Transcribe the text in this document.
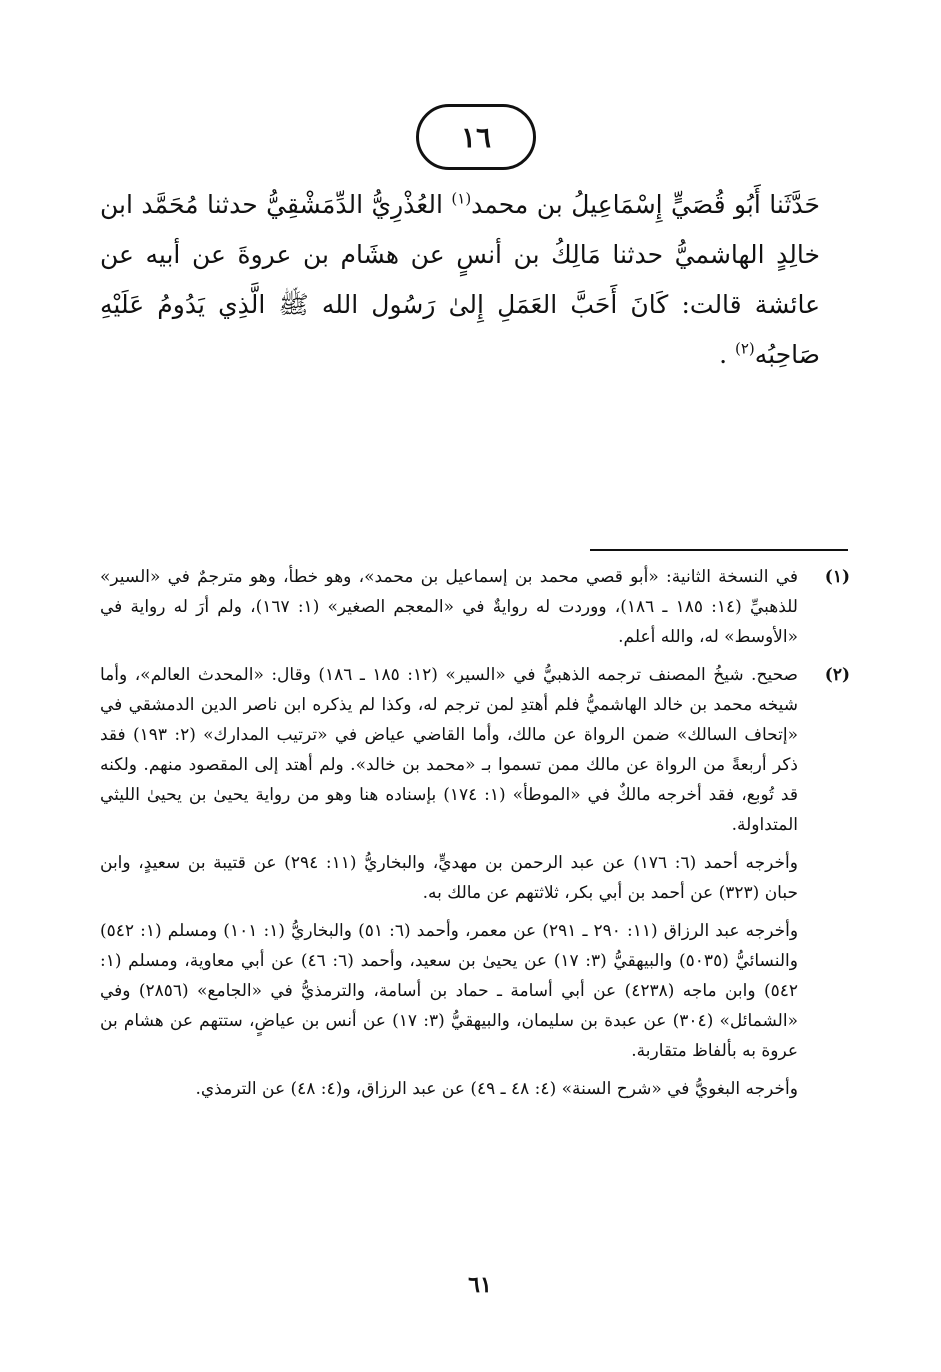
١٦

حَدَّثَنا أَبُو قُصَيٍّ إِسْمَاعِيلُ بن محمد$^{(١)}$ العُذْرِيُّ الدِّمَشْقِيُّ حدثنا مُحَمَّد ابن خالِدٍ الهاشميُّ حدثنا مَالِكُ بن أنسٍ عن هشَام بن عروةَ عن أبيه عن عائشة قالت: كَانَ أَحَبَّ العَمَلِ إِلىٰ رَسُول الله ﷺ الَّذِي يَدُومُ عَلَيْهِ صَاحِبُه$^{(٢)}$ .

(١)
في النسخة الثانية: «أبو قصي محمد بن إسماعيل بن محمد»، وهو خطأ، وهو مترجمٌ في «السير» للذهبيِّ (١٤: ١٨٥ ـ ١٨٦)، ووردت له روايةٌ في «المعجم الصغير» (١: ١٦٧)، ولم أرَ له رواية في «الأوسط» له، والله أعلم.
(٢)
صحيح. شيخُ المصنف ترجمه الذهبيُّ في «السير» (١٢: ١٨٥ ـ ١٨٦) وقال: «المحدث العالم»، وأما شيخه محمد بن خالد الهاشميُّ فلم أهتدِ لمن ترجم له، وكذا لم يذكره ابن ناصر الدين الدمشقي في «إتحاف السالك» ضمن الرواة عن مالك، وأما القاضي عياض في «ترتيب المدارك» (٢: ١٩٣) فقد ذكر أربعةً من الرواة عن مالك ممن تسموا بـ «محمد بن خالد». ولم أهتد إلى المقصود منهم. ولكنه قد تُوبع، فقد أخرجه مالكٌ في «الموطأ» (١: ١٧٤) بإسناده هنا وهو من رواية يحيىٰ بن يحيىٰ الليثي المتداولة.

وأخرجه أحمد (٦: ١٧٦) عن عبد الرحمن بن مهديٍّ، والبخاريُّ (١١: ٢٩٤) عن قتيبة بن سعيدٍ، وابن حبان (٣٢٣) عن أحمد بن أبي بكر، ثلاثتهم عن مالك به.

وأخرجه عبد الرزاق (١١: ٢٩٠ ـ ٢٩١) عن معمر، وأحمد (٦: ٥١) والبخاريُّ (١: ١٠١) ومسلم (١: ٥٤٢) والنسائيُّ (٥٠٣٥) والبيهقيُّ (٣: ١٧) عن يحيىٰ بن سعيد، وأحمد (٦: ٤٦) عن أبي معاوية، ومسلم (١: ٥٤٢) وابن ماجه (٤٢٣٨) عن أبي أسامة ـ حماد بن أسامة، والترمذيُّ في «الجامع» (٢٨٥٦) وفي «الشمائل» (٣٠٤) عن عبدة بن سليمان، والبيهقيُّ (٣: ١٧) عن أنس بن عياضٍ، ستتهم عن هشام بن عروة به بألفاظ متقاربة.

وأخرجه البغويُّ في «شرح السنة» (٤: ٤٨ ـ ٤٩) عن عبد الرزاق، و(٤: ٤٨) عن الترمذي.

٦١
